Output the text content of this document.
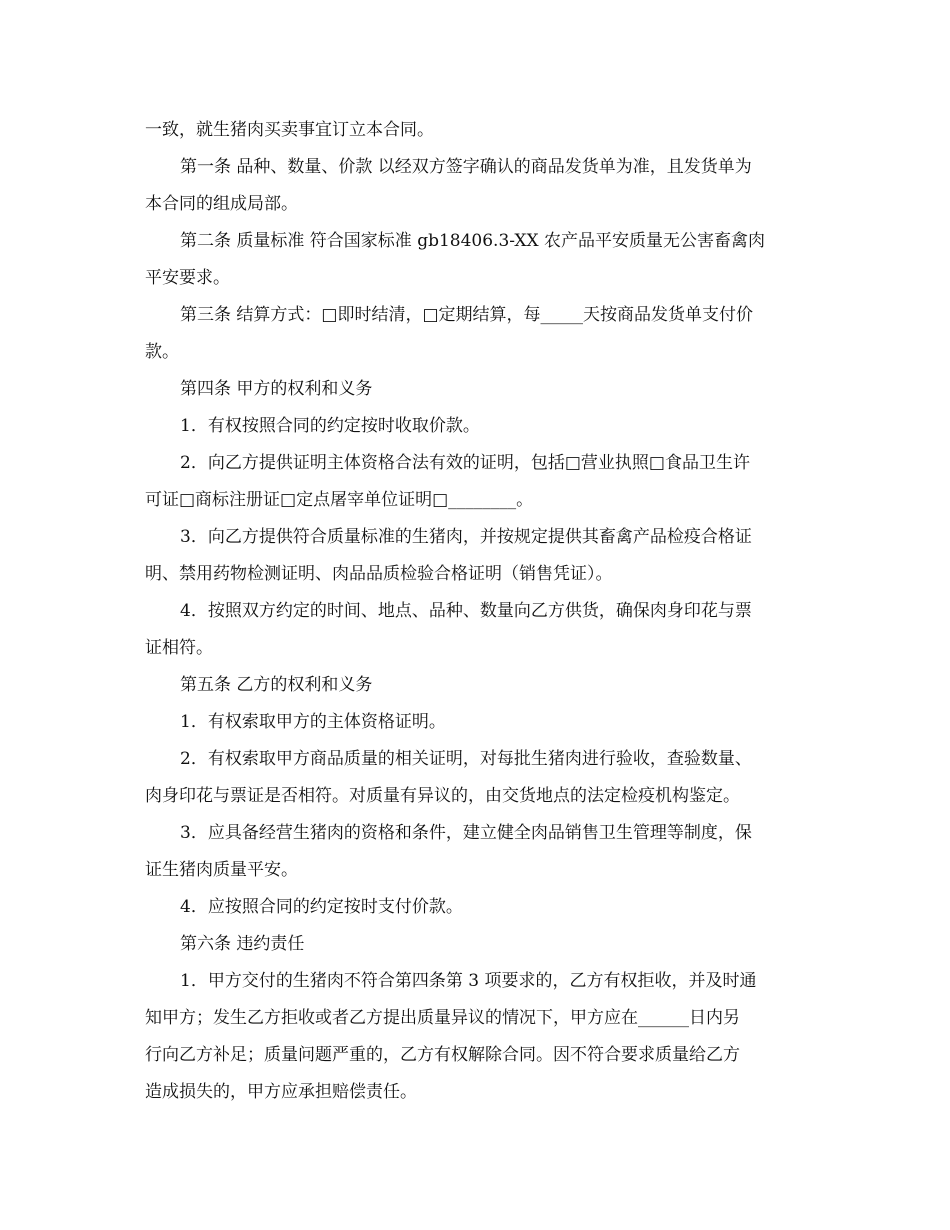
一致，就生猪肉买卖事宜订立本合同。
第一条 品种、数量、价款 以经双方签字确认的商品发货单为准，且发货单为
本合同的组成局部。
第二条 质量标准 符合国家标准 gb18406.3-XX 农产品平安质量无公害畜禽肉
平安要求。
第三条 结算方式：□即时结清，□定期结算，每_____天按商品发货单支付价
款。
第四条 甲方的权利和义务
1．有权按照合同的约定按时收取价款。
2．向乙方提供证明主体资格合法有效的证明，包括□营业执照□食品卫生许
可证□商标注册证□定点屠宰单位证明□________。
3．向乙方提供符合质量标准的生猪肉，并按规定提供其畜禽产品检疫合格证
明、禁用药物检测证明、肉品品质检验合格证明（销售凭证）。
4．按照双方约定的时间、地点、品种、数量向乙方供货，确保肉身印花与票
证相符。
第五条 乙方的权利和义务
1．有权索取甲方的主体资格证明。
2．有权索取甲方商品质量的相关证明，对每批生猪肉进行验收，查验数量、
肉身印花与票证是否相符。对质量有异议的，由交货地点的法定检疫机构鉴定。
3．应具备经营生猪肉的资格和条件，建立健全肉品销售卫生管理等制度，保
证生猪肉质量平安。
4．应按照合同的约定按时支付价款。
第六条 违约责任
1．甲方交付的生猪肉不符合第四条第 3 项要求的，乙方有权拒收，并及时通
知甲方；发生乙方拒收或者乙方提出质量异议的情况下，甲方应在______日内另
行向乙方补足；质量问题严重的，乙方有权解除合同。因不符合要求质量给乙方
造成损失的，甲方应承担赔偿责任。
